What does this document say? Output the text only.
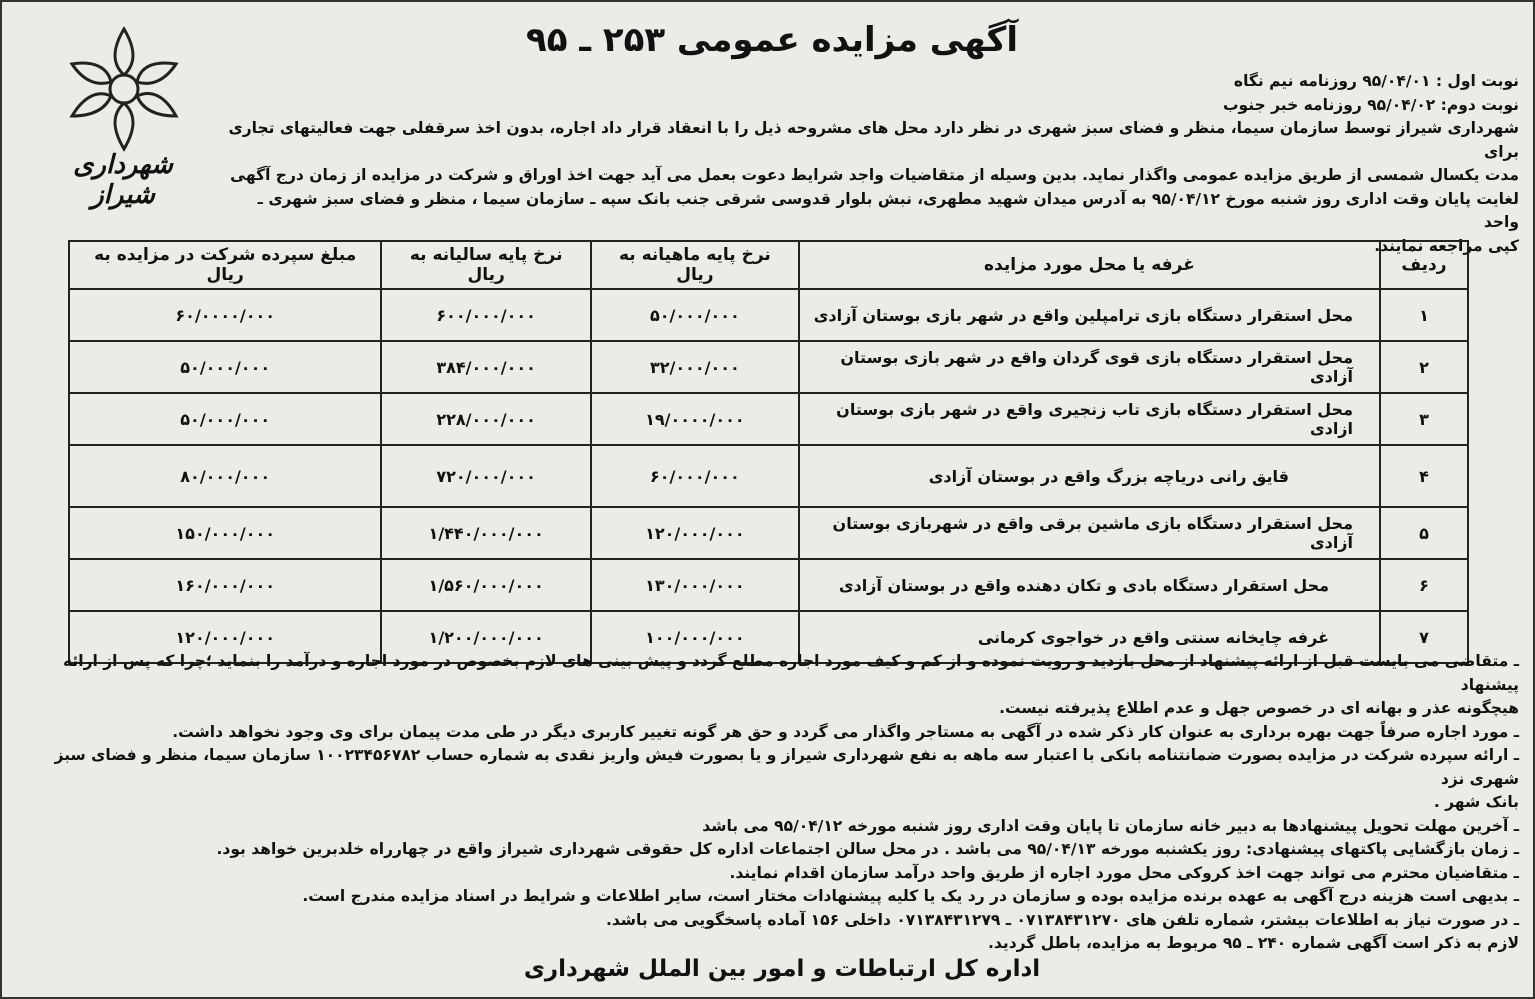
شهرداری شیراز
آگهی مزایده عمومی ۲۵۳ ـ ۹۵

نوبت اول : ۹۵/۰۴/۰۱ روزنامه نیم نگاه

نوبت دوم: ۹۵/۰۴/۰۲ روزنامه خبر جنوب

شهرداری شیراز توسط سازمان سیما، منظر و فضای سبز شهری در نظر دارد محل های مشروحه ذیل را با انعقاد قرار داد اجاره، بدون اخذ سرقفلی جهت فعالیتهای تجاری برای

مدت یکسال شمسی از طریق مزایده عمومی واگذار نماید. بدین وسیله از متقاضیات واجد شرایط دعوت بعمل می آید جهت اخذ اوراق و شرکت در مزایده از زمان درج آگهی

لغایت پایان وقت اداری روز شنبه مورخ ۹۵/۰۴/۱۲ به آدرس میدان شهید مطهری، نبش بلوار قدوسی شرقی جنب بانک سپه ـ سازمان سیما ، منظر و فضای سبز شهری ـ واحد

کپی مراجعه نمایند.

ردیف	غرفه یا محل مورد مزایده	نرخ پایه ماهیانه به ریال	نرخ پایه سالیانه به ریال	مبلغ سپرده شرکت در مزایده به ریال
۱	محل استقرار دستگاه بازی ترامپلین واقع در شهر بازی بوستان آزادی	۵۰/۰۰۰/۰۰۰	۶۰۰/۰۰۰/۰۰۰	۶۰/۰۰۰۰/۰۰۰
۲	محل استقرار دستگاه بازی قوی گردان واقع در شهر بازی بوستان آزادی	۳۲/۰۰۰/۰۰۰	۳۸۴/۰۰۰/۰۰۰	۵۰/۰۰۰/۰۰۰
۳	محل استقرار دستگاه بازی تاب زنجیری واقع در شهر بازی بوستان ازادی	۱۹/۰۰۰۰/۰۰۰	۲۲۸/۰۰۰/۰۰۰	۵۰/۰۰۰/۰۰۰
۴	قایق رانی دریاچه بزرگ واقع در بوستان آزادی	۶۰/۰۰۰/۰۰۰	۷۲۰/۰۰۰/۰۰۰	۸۰/۰۰۰/۰۰۰
۵	محل استقرار دستگاه بازی ماشین برقی واقع در شهربازی بوستان آزادی	۱۲۰/۰۰۰/۰۰۰	۱/۴۴۰/۰۰۰/۰۰۰	۱۵۰/۰۰۰/۰۰۰
۶	محل استقرار دستگاه بادی و تکان دهنده واقع در بوستان آزادی	۱۳۰/۰۰۰/۰۰۰	۱/۵۶۰/۰۰۰/۰۰۰	۱۶۰/۰۰۰/۰۰۰
۷	غرفه چایخانه سنتی واقع در خواجوی کرمانی	۱۰۰/۰۰۰/۰۰۰	۱/۲۰۰/۰۰۰/۰۰۰	۱۲۰/۰۰۰/۰۰۰

ـ متقاضی می بایست قبل از ارائه پیشنهاد از محل بازدید و رویت نموده و از کم و کیف مورد اجاره مطلع گردد و پیش بینی های لازم بخصوص در مورد اجاره و درآمد را بنماید ؛چرا که پس از ارائه پیشنهاد

هیچگونه عذر و بهانه ای در خصوص جهل و عدم اطلاع پذیرفته نیست.

ـ مورد اجاره صرفاً جهت بهره برداری به عنوان کار ذکر شده در آگهی به مستاجر واگذار می گردد و حق هر گونه تغییر کاربری دیگر در طی مدت پیمان برای وی وجود نخواهد داشت.

ـ ارائه سپرده شرکت در مزایده بصورت ضمانتنامه بانکی با اعتبار سه ماهه به نفع شهرداری شیراز و یا بصورت فیش واریز نقدی به شماره حساب ۱۰۰۲۳۴۵۶۷۸۲ سازمان سیما، منظر و فضای سبز شهری نزد

بانک شهر .

ـ آخرین مهلت تحویل پیشنهادها به دبیر خانه سازمان تا پایان وقت اداری روز شنبه مورخه ۹۵/۰۴/۱۲ می باشد

ـ زمان بازگشایی پاکتهای پیشنهادی: روز یکشنبه مورخه ۹۵/۰۴/۱۳ می باشد . در محل سالن اجتماعات اداره کل حقوقی شهرداری شیراز واقع در چهارراه خلدبرین خواهد بود.

ـ متقاضیان محترم می تواند جهت اخذ کروکی محل مورد اجاره از طریق واحد درآمد سازمان اقدام نمایند.

ـ بدیهی است هزینه درج آگهی به عهده برنده مزایده بوده و سازمان در رد یک یا کلیه پیشنهادات مختار است، سایر اطلاعات و شرایط در اسناد مزایده مندرج است.

ـ در صورت نیاز به اطلاعات بیشتر، شماره تلفن های ۰۷۱۳۸۴۳۱۲۷۰ ـ ۰۷۱۳۸۴۳۱۲۷۹ داخلی ۱۵۶ آماده پاسخگویی می باشد.

لازم به ذکر است آگهی شماره ۲۴۰ ـ ۹۵ مربوط به مزایده، باطل گردید.

اداره کل ارتباطات و امور بین الملل شهرداری
